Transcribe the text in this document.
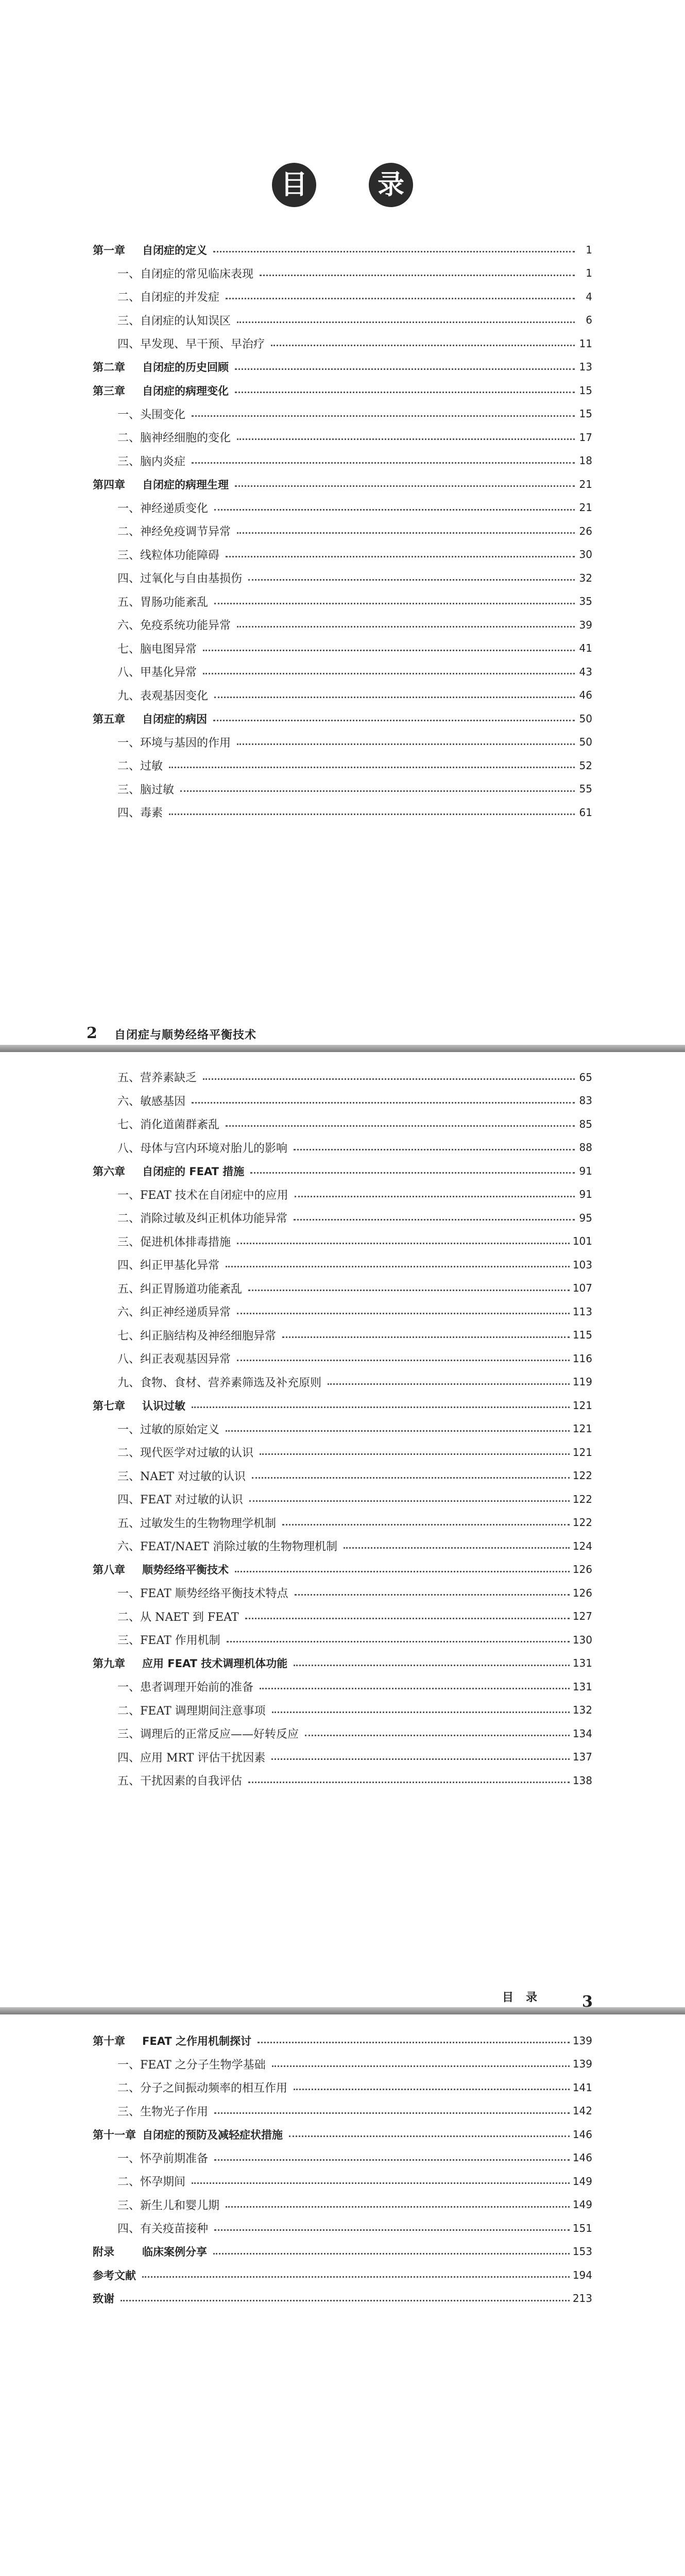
目	录
第一章 自闭症的定义	1
一、自闭症的常见临床表现	1
二、自闭症的并发症	4
三、自闭症的认知误区	6
四、早发现、早干预、早治疗	11
第二章 自闭症的历史回顾	13
第三章 自闭症的病理变化	15
一、头围变化	15
二、脑神经细胞的变化	17
三、脑内炎症	18
第四章 自闭症的病理生理	21
一、神经递质变化	21
二、神经免疫调节异常	26
三、线粒体功能障碍	30
四、过氧化与自由基损伤	32
五、胃肠功能紊乱	35
六、免疫系统功能异常	39
七、脑电图异常	41
八、甲基化异常	43
九、表观基因变化	46
第五章 自闭症的病因	50
一、环境与基因的作用	50
二、过敏	52
三、脑过敏	55
四、毒素	61
2 自闭症与顺势经络平衡技术
五、营养素缺乏	65
六、敏感基因	83
七、消化道菌群紊乱	85
八、母体与宫内环境对胎儿的影响	88
第六章 自闭症的 FEAT 措施	91
一、FEAT 技术在自闭症中的应用	91
二、消除过敏及纠正机体功能异常	95
三、促进机体排毒措施	101
四、纠正甲基化异常	103
五、纠正胃肠道功能紊乱	107
六、纠正神经递质异常	113
七、纠正脑结构及神经细胞异常	115
八、纠正表观基因异常	116
九、食物、食材、营养素筛选及补充原则	119
第七章 认识过敏	121
一、过敏的原始定义	121
二、现代医学对过敏的认识	121
三、NAET 对过敏的认识	122
四、FEAT 对过敏的认识	122
五、过敏发生的生物物理学机制	122
六、FEAT/NAET 消除过敏的生物物理机制	124
第八章 顺势经络平衡技术	126
一、FEAT 顺势经络平衡技术特点	126
二、从 NAET 到 FEAT	127
三、FEAT 作用机制	130
第九章 应用 FEAT 技术调理机体功能	131
一、患者调理开始前的准备	131
二、FEAT 调理期间注意事项	132
三、调理后的正常反应——好转反应	134
四、应用 MRT 评估干扰因素	137
五、干扰因素的自我评估	138
目　录	3
第十章 FEAT 之作用机制探讨	139
一、FEAT 之分子生物学基础	139
二、分子之间振动频率的相互作用	141
三、生物光子作用	142
第十一章 自闭症的预防及减轻症状措施	146
一、怀孕前期准备	146
二、怀孕期间	149
三、新生儿和婴儿期	149
四、有关疫苗接种	151
附录	临床案例分享	153
参考文献	194
致谢	213
